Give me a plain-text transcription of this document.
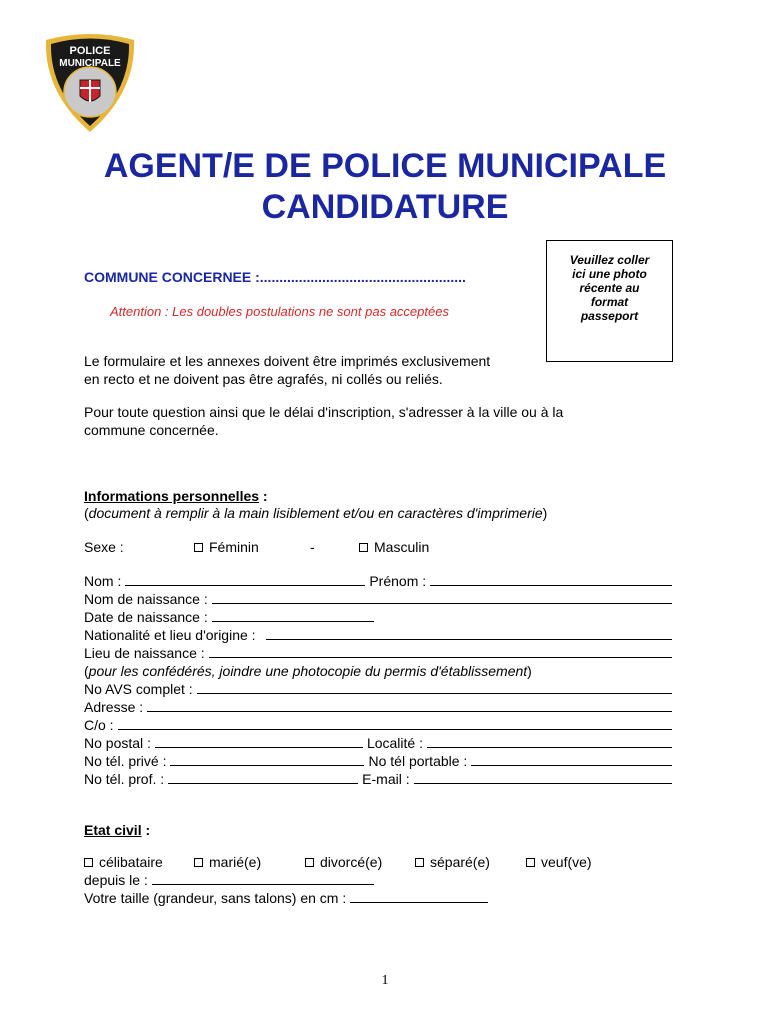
POLICE
MUNICIPALE
AGENT/E DE POLICE MUNICIPALE
CANDIDATURE
COMMUNE CONCERNEE :.....................................................
Attention : Les doubles postulations ne sont pas acceptées
Veuillez coller
ici une photo
récente au
format
passeport
Le formulaire et les annexes doivent être imprimés exclusivement
en recto et ne doivent pas être agrafés, ni collés ou reliés.
Pour toute question ainsi que le délai d'inscription, s'adresser à la ville ou à la
commune concernée.
Informations personnelles :
(document à remplir à la main lisiblement et/ou en caractères d'imprimerie)
Sexe :	Féminin	-	Masculin
Nom :	Prénom :
Nom de naissance :
Date de naissance :
Nationalité et lieu d'origine :
Lieu de naissance :
(pour les confédérés, joindre une photocopie du permis d'établissement)
No AVS complet :
Adresse :
C/o :
No postal :	Localité :
No tél. privé :	No tél portable :
No tél. prof. :	E-mail :
Etat civil :
célibataire	marié(e)	divorcé(e)	séparé(e)	veuf(ve)
depuis le :
Votre taille (grandeur, sans talons) en cm :
1
